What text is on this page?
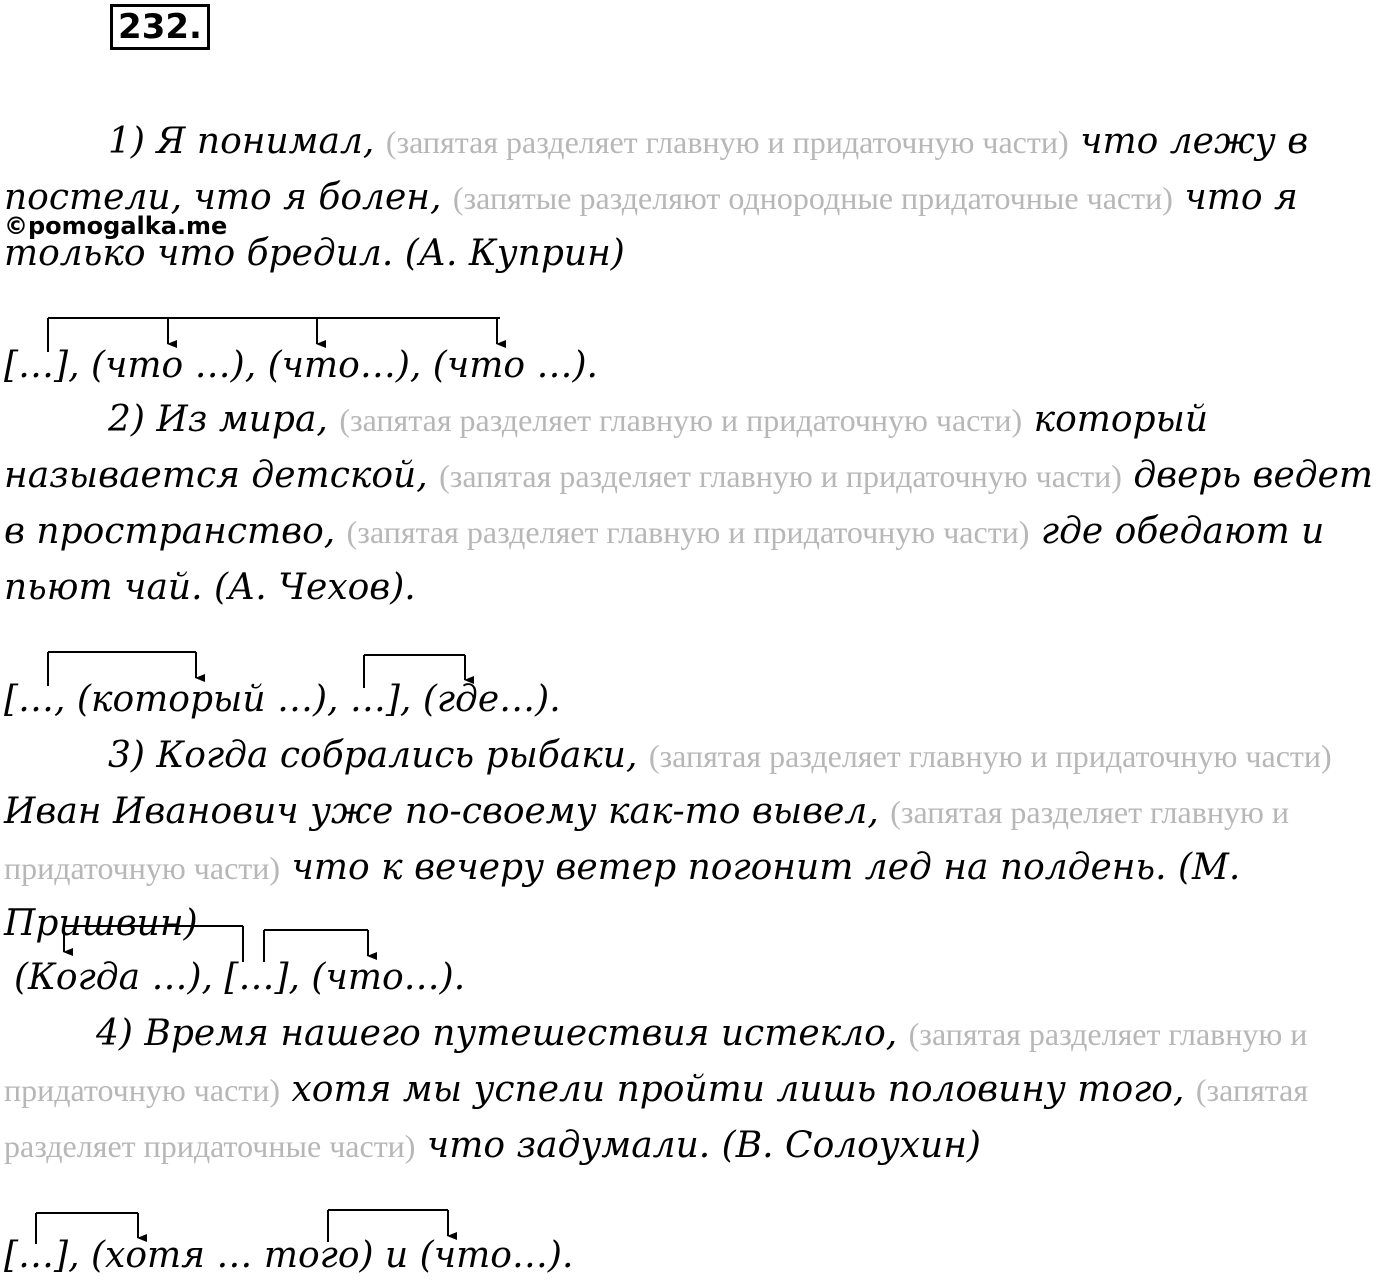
232.

1) Я понимал, (запятая разделяет главную и придаточную части) что лежу в постели, что я болен, (запятые разделяют однородные придаточные части) что я только что бредил. (А. Куприн)

©pomogalka.me
[…], (что …), (что…), (что …).

2) Из мира, (запятая разделяет главную и придаточную части) который называется детской, (запятая разделяет главную и придаточную части) дверь ведет в пространство, (запятая разделяет главную и придаточную части) где обедают и пьют чай. (А. Чехов).

[…, (который …), …], (где…).

3) Когда собрались рыбаки, (запятая разделяет главную и придаточную части) Иван Иванович уже по-своему как-то вывел, (запятая разделяет главную и придаточную части) что к вечеру ветер погонит лед на полдень. (М. Пришвин)

(Когда …), […], (что…).

4) Время нашего путешествия истекло, (запятая разделяет главную и придаточную части) хотя мы успели пройти лишь половину того, (запятая разделяет придаточные части) что задумали. (В. Солоухин)

[…], (хотя … того) и (что…).
